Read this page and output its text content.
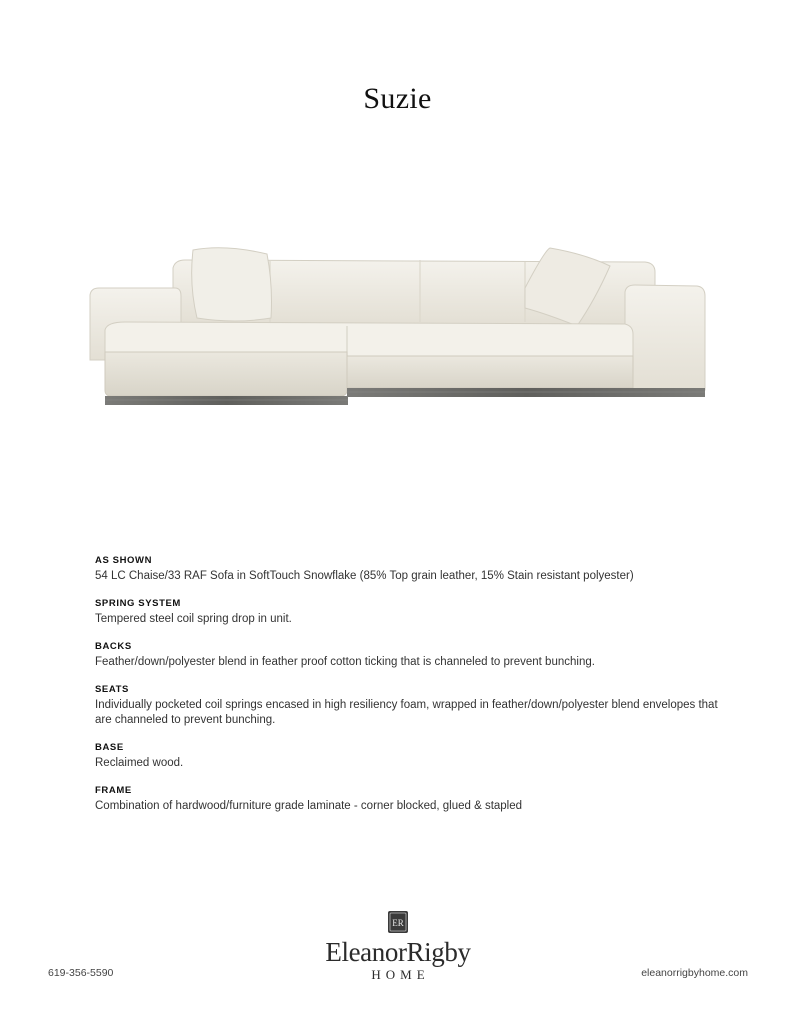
Suzie
AS SHOWN
54 LC Chaise/33 RAF Sofa in SoftTouch Snowflake (85% Top grain leather, 15% Stain resistant polyester)
SPRING SYSTEM
Tempered steel coil spring drop in unit.
BACKS
Feather/down/polyester blend in feather proof cotton ticking that is channeled to prevent bunching.
SEATS
Individually pocketed coil springs encased in high resiliency foam, wrapped in feather/down/polyester blend envelopes that are channeled to prevent bunching.
BASE
Reclaimed wood.
FRAME
Combination of hardwood/furniture grade laminate - corner blocked, glued & stapled
ER
EleanorRigby
HOME
619-356-5590	eleanorrigbyhome.com
